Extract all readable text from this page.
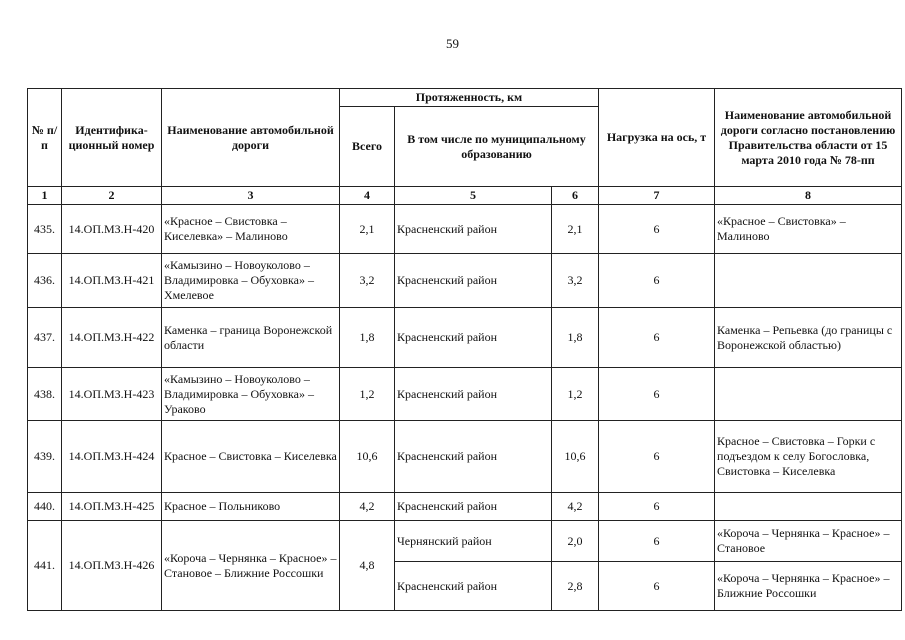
59
№ п/п	Идентифика-ционный номер	Наименование автомобильной дороги	Протяженность, км			Нагрузка на ось, т	Наименование автомобильной дороги согласно постановлению Правительства области от 15 марта 2010 года № 78-пп
			Всего	В том числе по муниципальному образованию			
1	2	3	4	5	6	7	8
435.	14.ОП.МЗ.Н-420	«Красное – Свистовка – Киселевка» – Малиново	2,1	Красненский район	2,1	6	«Красное – Свистовка» – Малиново
436.	14.ОП.МЗ.Н-421	«Камызино – Новоуколово – Владимировка – Обуховка» – Хмелевое	3,2	Красненский район	3,2	6	
437.	14.ОП.МЗ.Н-422	Каменка – граница Воронежской области	1,8	Красненский район	1,8	6	Каменка – Репьевка (до границы с Воронежской областью)
438.	14.ОП.МЗ.Н-423	«Камызино – Новоуколово – Владимировка – Обуховка» – Ураково	1,2	Красненский район	1,2	6	
439.	14.ОП.МЗ.Н-424	Красное – Свистовка – Киселевка	10,6	Красненский район	10,6	6	Красное – Свистовка – Горки с подъездом к селу Богословка, Свистовка – Киселевка
440.	14.ОП.МЗ.Н-425	Красное – Польниково	4,2	Красненский район	4,2	6	
441.	14.ОП.МЗ.Н-426	«Короча – Чернянка – Красное» – Становое – Ближние Россошки	4,8	Чернянский район	2,0	6	«Короча – Чернянка – Красное» – Становое
				Красненский район	2,8	6	«Короча – Чернянка – Красное» – Ближние Россошки
